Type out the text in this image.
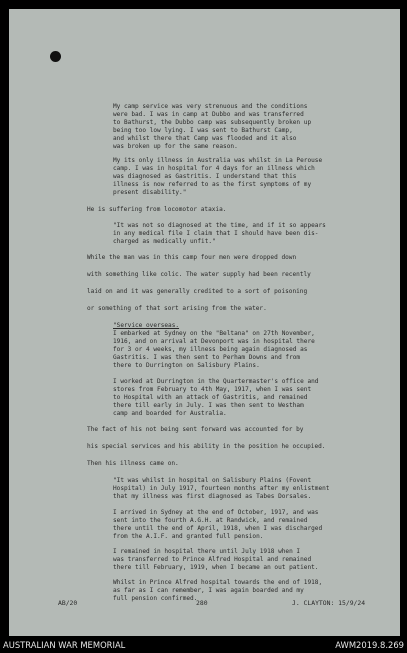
My camp service was very strenuous and the conditions
were bad. I was in camp at Dubbo and was transferred
to Bathurst, the Dubbo camp was subsequently broken up
being too low lying. I was sent to Bathurst Camp,
and whilst there that Camp was flooded and it also
was broken up for the same reason.
My its only illness in Australia was whilst in La Perouse
camp. I was in hospital for 4 days for an illness which
was diagnosed as Gastritis. I understand that this
illness is now referred to as the first symptoms of my
present disability."
He is suffering from locomotor ataxia.
"It was not so diagnosed at the time, and if it so appears
in any medical file I claim that I should have been dis-
charged as medically unfit."
While the man was in this camp four men were dropped down
with something like colic. The water supply had been recently
laid on and it was generally credited to a sort of poisoning
or something of that sort arising from the water.
"Service overseas.
I embarked at Sydney on the "Beltana" on 27th November,
1916, and on arrival at Devonport was in hospital there
for 3 or 4 weeks, my illness being again diagnosed as
Gastritis. I was then sent to Perham Downs and from
there to Durrington on Salisbury Plains.
I worked at Durrington in the Quartermaster's office and
stores from February to 4th May, 1917, when I was sent
to Hospital with an attack of Gastritis, and remained
there till early in July. I was then sent to Westham
camp and boarded for Australia.
The fact of his not being sent forward was accounted for by
his special services and his ability in the position he occupied.
Then his illness came on.
"It was whilst in hospital on Salisbury Plains (Fovent
Hospital) in July 1917, fourteen months after my enlistment
that my illness was first diagnosed as Tabes Dorsales.
I arrived in Sydney at the end of October, 1917, and was
sent into the fourth A.G.H. at Randwick, and remained
there until the end of April, 1918, when I was discharged
from the A.I.F. and granted full pension.
I remained in hospital there until July 1918 when I
was transferred to Prince Alfred Hospital and remained
there till February, 1919, when I became an out patient.
Whilst in Prince Alfred hospital towards the end of 1918,
as far as I can remember, I was again boarded and my
full pension confirmed.
AB/20	280	J. CLAYTON: 15/9/24
AUSTRALIAN WAR MEMORIAL	AWM2019.8.269
